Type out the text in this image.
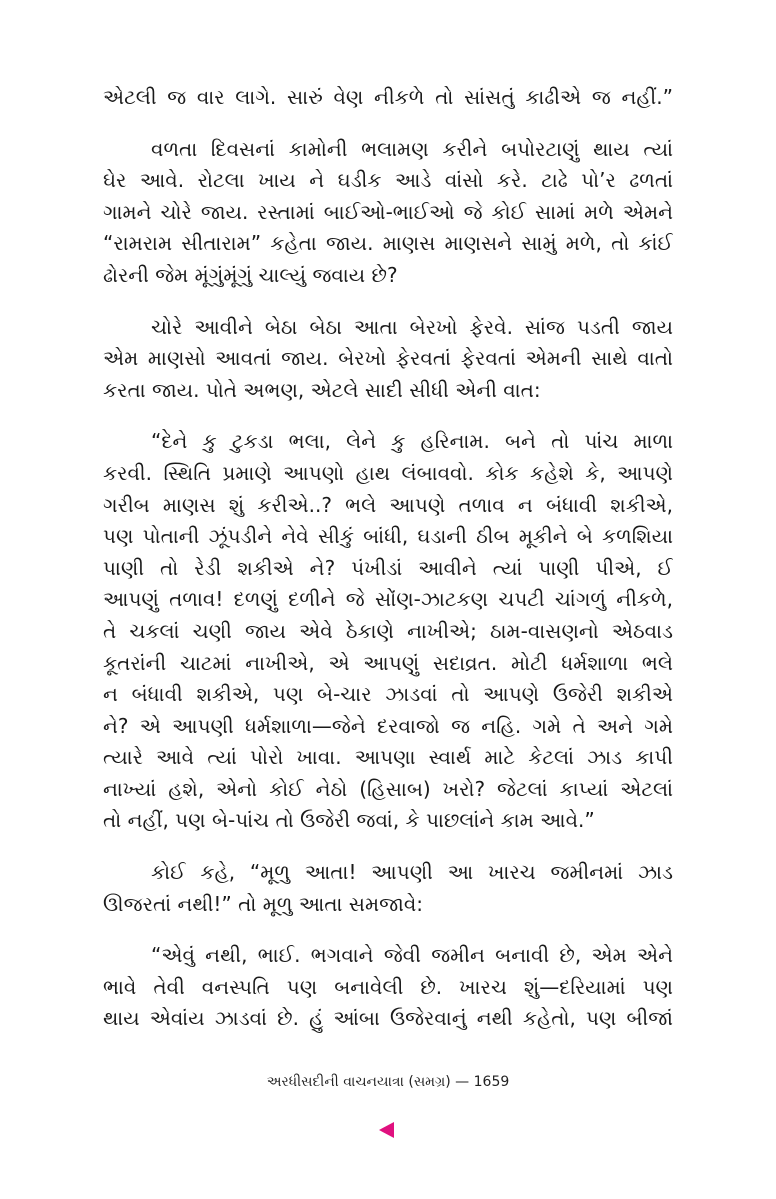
એટલી જ વાર લાગે. સારું વેણ નીકળે તો સાંસતું કાઢીએ જ નહીં.”
વળતા દિવસનાં કામોની ભલામણ કરીને બપોરટાણું થાય ત્યાં
ઘેર આવે. રોટલા ખાય ને ઘડીક આડે વાંસો કરે. ટાઢે પો’ર ઢળતાં
ગામને ચોરે જાય. રસ્તામાં બાઈઓ-ભાઈઓ જે કોઈ સામાં મળે એમને
“રામરામ સીતારામ” કહેતા જાય. માણસ માણસને સામું મળે, તો કાંઈ
ઢોરની જેમ મૂંગુંમૂંગું ચાલ્યું જવાય છે?
ચોરે આવીને બેઠા બેઠા આતા બેરખો ફેરવે. સાંજ પડતી જાય
એમ માણસો આવતાં જાય. બેરખો ફેરવતાં ફેરવતાં એમની સાથે વાતો
કરતા જાય. પોતે અભણ, એટલે સાદી સીધી એની વાત:
“દેને કુ ટુકડા ભલા, લેને કુ હરિનામ. બને તો પાંચ માળા
કરવી. સ્થિતિ પ્રમાણે આપણો હાથ લંબાવવો. કોક કહેશે કે, આપણે
ગરીબ માણસ શું કરીએ..? ભલે આપણે તળાવ ન બંધાવી શકીએ,
પણ પોતાની ઝૂંપડીને નેવે સીકું બાંધી, ઘડાની ઠીબ મૂકીને બે કળશિયા
પાણી તો રેડી શકીએ ને? પંખીડાં આવીને ત્યાં પાણી પીએ, ઈ
આપણું તળાવ! દળણું દળીને જે સોંણ-ઝાટકણ ચપટી ચાંગળું નીકળે,
તે ચકલાં ચણી જાય એવે ઠેકાણે નાખીએ; ઠામ-વાસણનો એઠવાડ
કૂતરાંની ચાટમાં નાખીએ, એ આપણું સદાવ્રત. મોટી ધર્મશાળા ભલે
ન બંધાવી શકીએ, પણ બે-ચાર ઝાડવાં તો આપણે ઉજેરી શકીએ
ને? એ આપણી ધર્મશાળા—જેને દરવાજો જ નહિ. ગમે તે અને ગમે
ત્યારે આવે ત્યાં પોરો ખાવા. આપણા સ્વાર્થ માટે કેટલાં ઝાડ કાપી
નાખ્યાં હશે, એનો કોઈ નેઠો (હિસાબ) ખરો? જેટલાં કાપ્યાં એટલાં
તો નહીં, પણ બે-પાંચ તો ઉજેરી જવાં, કે પાછલાંને કામ આવે.”
કોઈ કહે, “મૂળુ આતા! આપણી આ ખારચ જમીનમાં ઝાડ
ઊજરતાં નથી!” તો મૂળુ આતા સમજાવે:
“એવું નથી, ભાઈ. ભગવાને જેવી જમીન બનાવી છે, એમ એને
ભાવે તેવી વનસ્પતિ પણ બનાવેલી છે. ખારચ શું—દરિયામાં પણ
થાય એવાંય ઝાડવાં છે. હું આંબા ઉજેરવાનું નથી કહેતો, પણ બીજાં
અરધીસદીની વાચનયાત્રા (સમગ્ર) — 1659
